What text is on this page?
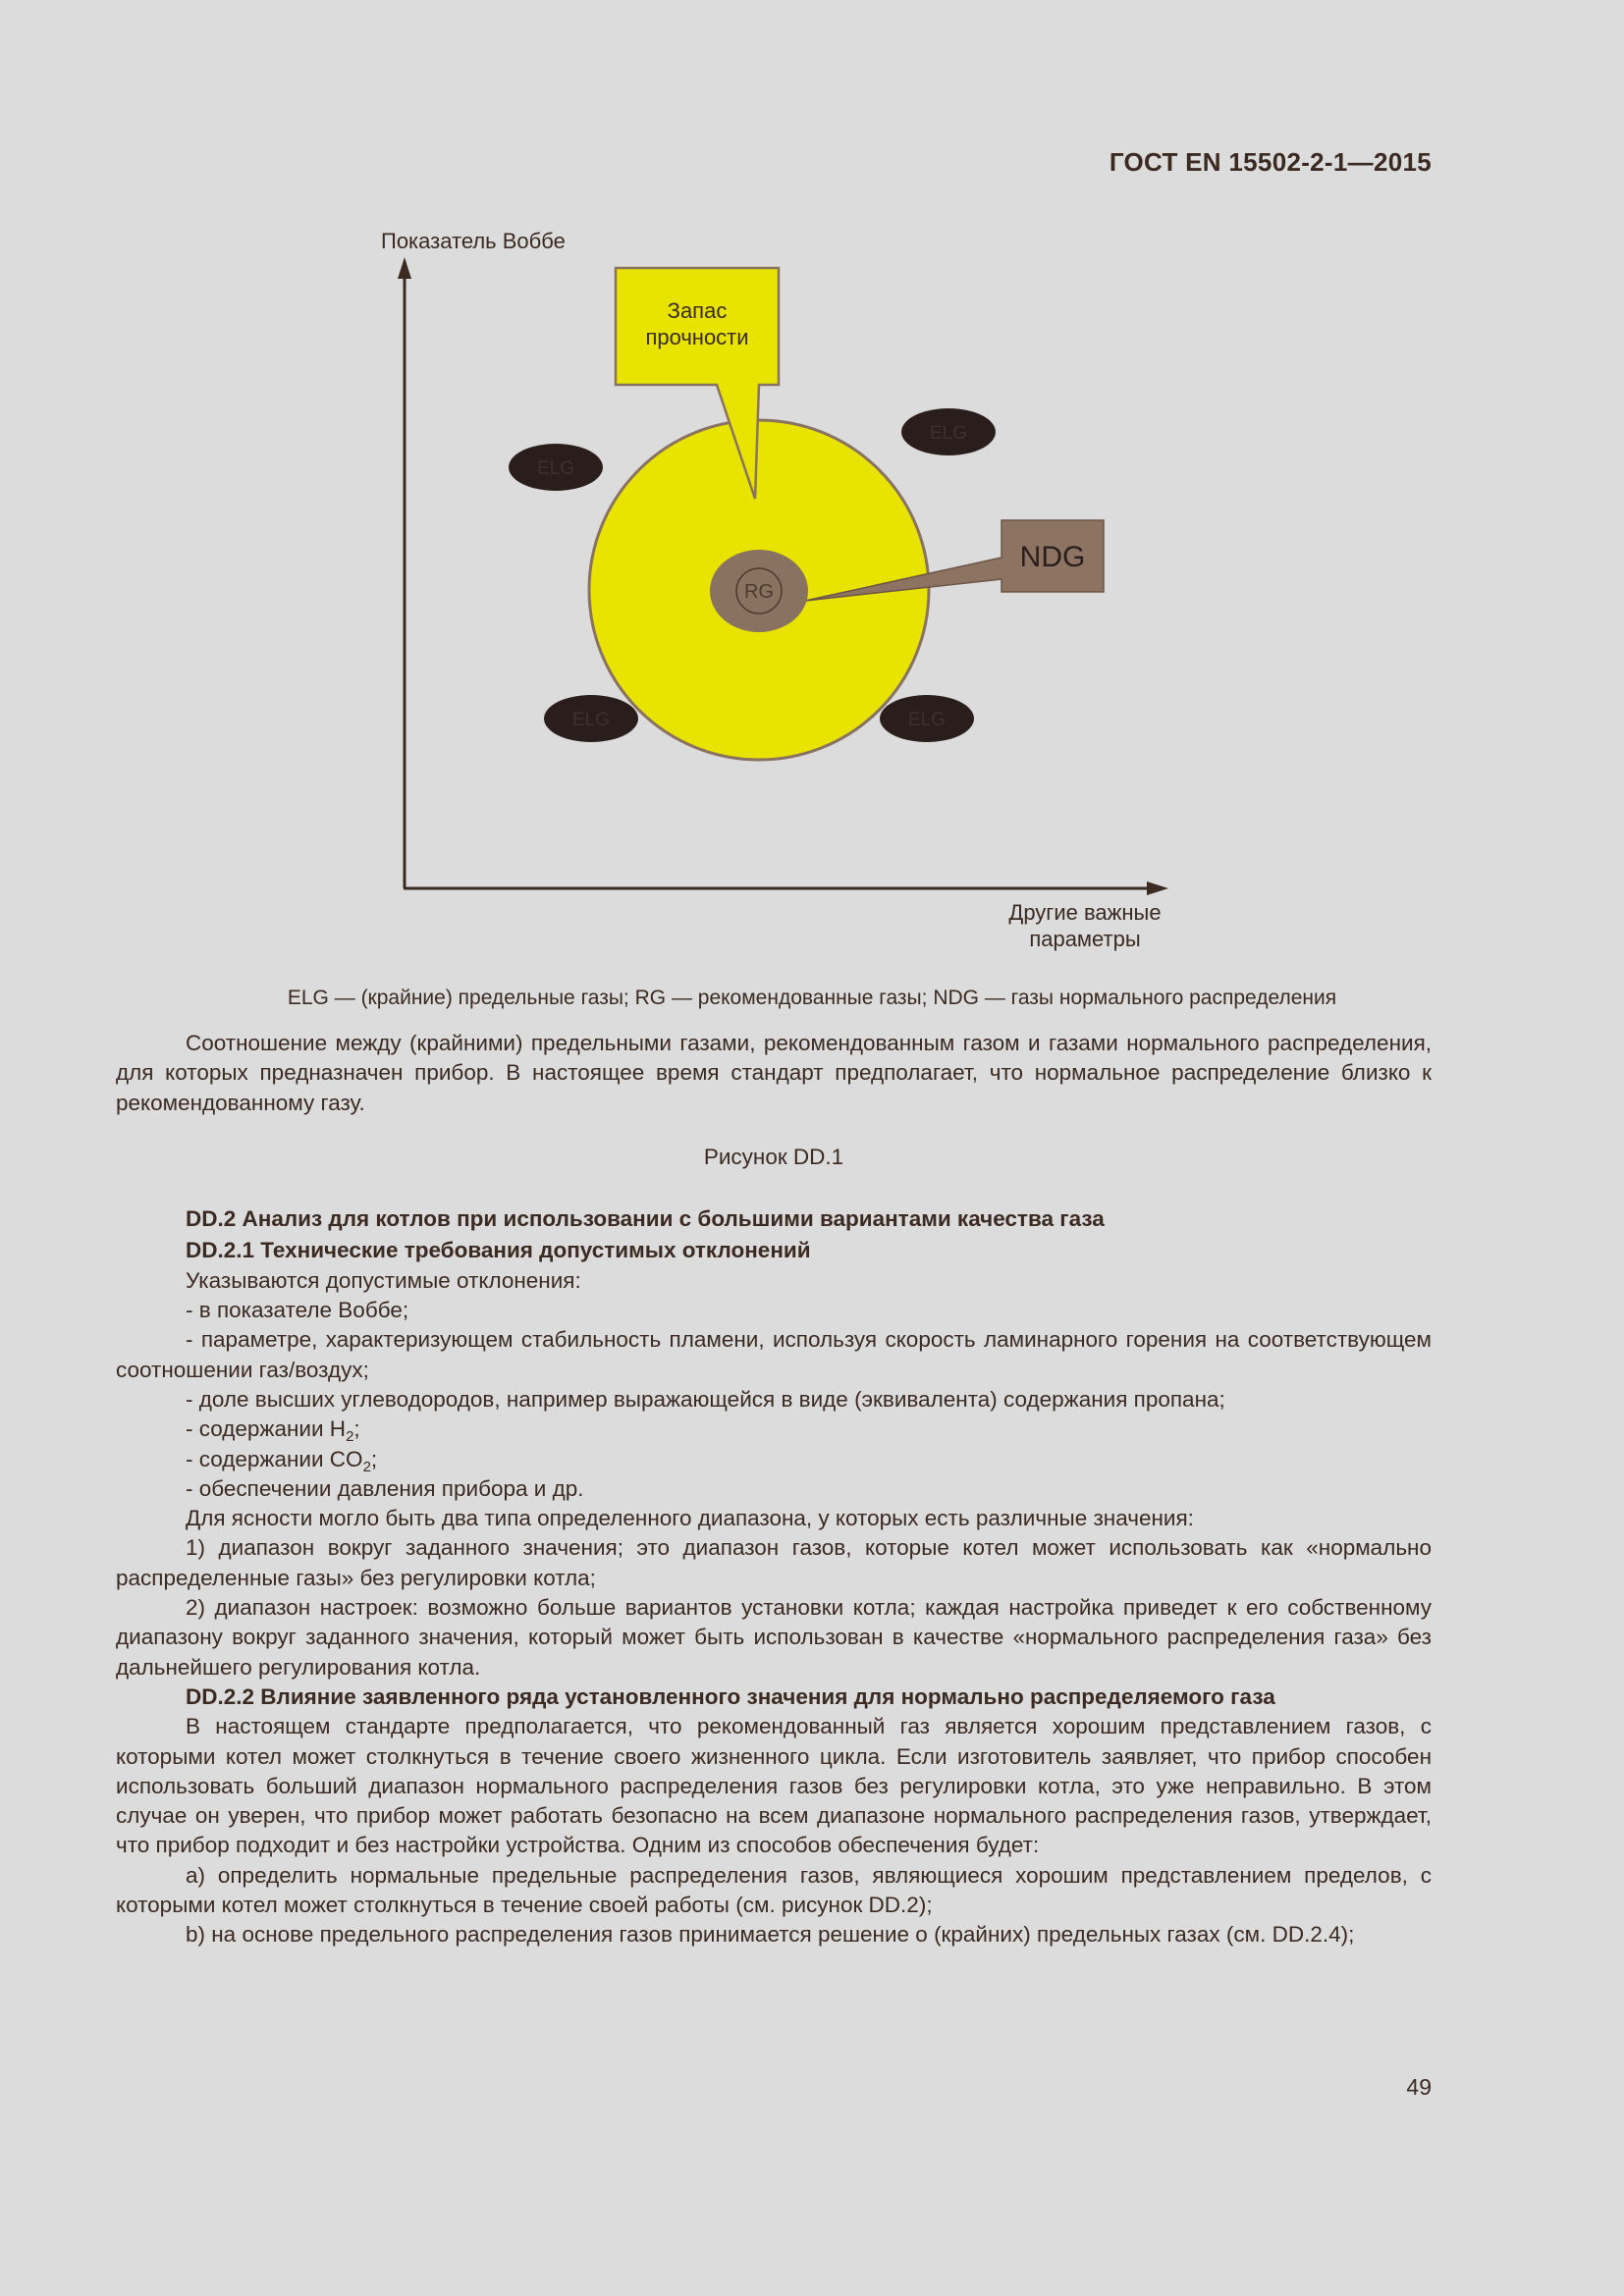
ГОСТ EN 15502-2-1—2015
Показатель Воббе
Другие важные
параметры
ELG
ELG
ELG	ELG
Запас
прочности
NDG
RG
ELG — (крайние) предельные газы; RG — рекомендованные газы; NDG — газы нормального распределения

Соотношение между (крайними) предельными газами, рекомендованным газом и газами нормального распределения, для которых предназначен прибор. В настоящее время стандарт предполагает, что нормальное распределение близко к рекомендованному газу.

Рисунок DD.1

DD.2 Анализ для котлов при использовании с большими вариантами качества газа

DD.2.1 Технические требования допустимых отклонений

Указываются допустимые отклонения:

- в показателе Воббе;

- параметре, характеризующем стабильность пламени, используя скорость ламинарного горения на соответствующем соотношении газ/воздух;

- доле высших углеводородов, например выражающейся в виде (эквивалента) содержания пропана;

- содержании $H_2$;

- содержании $CO_2$;

- обеспечении давления прибора и др.

Для ясности могло быть два типа определенного диапазона, у которых есть различные значения:

1) диапазон вокруг заданного значения; это диапазон газов, которые котел может использовать как «нормально распределенные газы» без регулировки котла;

2) диапазон настроек: возможно больше вариантов установки котла; каждая настройка приведет к его собственному диапазону вокруг заданного значения, который может быть использован в качестве «нормального распределения газа» без дальнейшего регулирования котла.

DD.2.2 Влияние заявленного ряда установленного значения для нормально распределяемого газа

В настоящем стандарте предполагается, что рекомендованный газ является хорошим представлением газов, с которыми котел может столкнуться в течение своего жизненного цикла. Если изготовитель заявляет, что прибор способен использовать больший диапазон нормального распределения газов без регулировки котла, это уже неправильно. В этом случае он уверен, что прибор может работать безопасно на всем диапазоне нормального распределения газов, утверждает, что прибор подходит и без настройки устройства. Одним из способов обеспечения будет:

a) определить нормальные предельные распределения газов, являющиеся хорошим представлением пределов, с которыми котел может столкнуться в течение своей работы (см. рисунок DD.2);

b) на основе предельного распределения газов принимается решение о (крайних) предельных газах (см. DD.2.4);

49
